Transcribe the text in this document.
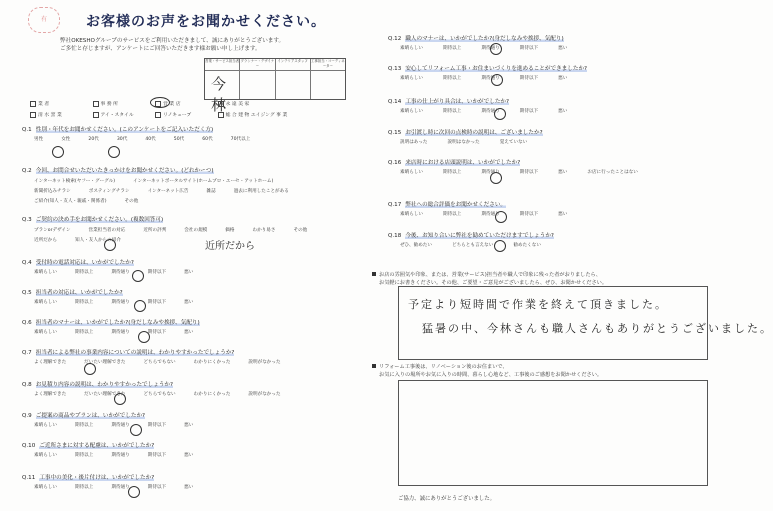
有	お客様のお声をお聞かせください。
弊社OKESHOグループのサービスをご利用いただきまして、誠にありがとうございます。
ご多忙と存じますが、アンケートにご回答いただきます様お願い申し上げます。
営業・サービス担当者
今林
プランナー・デザイナー
インテリアスタッフ 工事担当・コーディネーター
業 者	事 務 所	営 業 店	永 遠 美 家 清 水 窯 業	アイ・スタイル	リノキューブ	総 合 建 物 エイジング 事 業
Q.1 性別・年代をお聞かせください。(このアンケートをご記入いただく方)
男性	女性	20代	30代	40代	50代	60代	70代以上
Q.2 今回、お問合せいただいたきっかけをお聞かせください。(どれかーつ)
インターネット検索(ヤフー・グーグル)	インターネットポータルサイト(ホームプロ・ユーセ・アットホーム)新聞折込みチラシ	ポスティングチラシ	インターネット広告	雑誌	過去に利用したことがあるご紹介(知人・友人・親戚・関係者)	その他
Q.3 ご契約の決め手をお聞かせください。(複数回答可)
プランorデザイン	営業担当者の対応	近所の評判	会社の規模	価格	わかり易さ	その他近所だから	知人・友人からの紹介
Q.4 受付時の電話対応は、いかがでしたか?
素晴らしい	期待以上	期待通り	期待以下	悪い
Q.5 担当者の対応は、いかがでしたか?
素晴らしい	期待以上	期待通り	期待以下	悪い
Q.6 担当者のマナーは、いかがでしたか?(身だしなみや挨拶、気配り)
素晴らしい	期待以上	期待通り	期待以下	悪い
Q.7 担当者による弊社の事業内容についての説明は、わかりやすかったでしょうか?
よく理解できた	だいたい理解できた	どちらでもない	わかりにくかった	説明がなかった
Q.8 お見積り内容の説明は、わかりやすかったでしょうか?
よく理解できた	だいたい理解できた	どちらでもない	わかりにくかった	説明がなかった
Q.9 ご提案の商品やプランは、いかがでしたか?
素晴らしい	期待以上	期待通り	期待以下	悪い
Q.10 ご近所さまに対する配慮は、いかがでしたか?
素晴らしい	期待以上	期待通り	期待以下	悪い
Q.11 工事中の美化・後片付けは、いかがでしたか?
素晴らしい	期待以上	期待通り	期待以下	悪い
Q.12 職人のマナーは、いかがでしたか?(身だしなみや挨拶、気配り)
素晴らしい	期待以上	期待通り	期待以下	悪い
Q.13 安心してリフォーム工事・お住まいづくりを進めることができましたか?
素晴らしい	期待以上	期待通り	期待以下	悪い
Q.14 工事の仕上がり具合は、いかがでしたか?
素晴らしい	期待以上	期待通り	期待以下	悪い
Q.15 お引渡し時に次回の点検時の説明は、ございましたか?
説明はあった	説明はなかった	覚えていない
Q.16 来店時における店頭説明は、いかがでしたか?
素晴らしい	期待以上	期待通り	期待以下	悪い	お店に行ったことはない
Q.17 弊社への総合評価をお聞かせください。
素晴らしい	期待以上	期待通り	期待以下	悪い
Q.18 今後、お知り合いに弊社を勧めていただけますでしょうか?
ぜひ、勧めたい	どちらとも言えない	勧めたくない
お店の雰囲気や印象、または、営業(サービス)担当者や職人で印象に残った者がおりましたら、
お気軽にお書きください。その他、ご要望・ご意見がございましたら、ぜひ、お聞かせください。
予定より短時間で作業を終えて頂きました。
猛暑の中、今林さんも職人さんもありがとうございました。
リフォーム工事後は、リノベーション後のお住まいで、
お気に入りの場所やお気に入りの時間、暮らし心地など、工事後のご感想をお聞かせください。
ご協力、誠にありがとうございました。
近所だから
